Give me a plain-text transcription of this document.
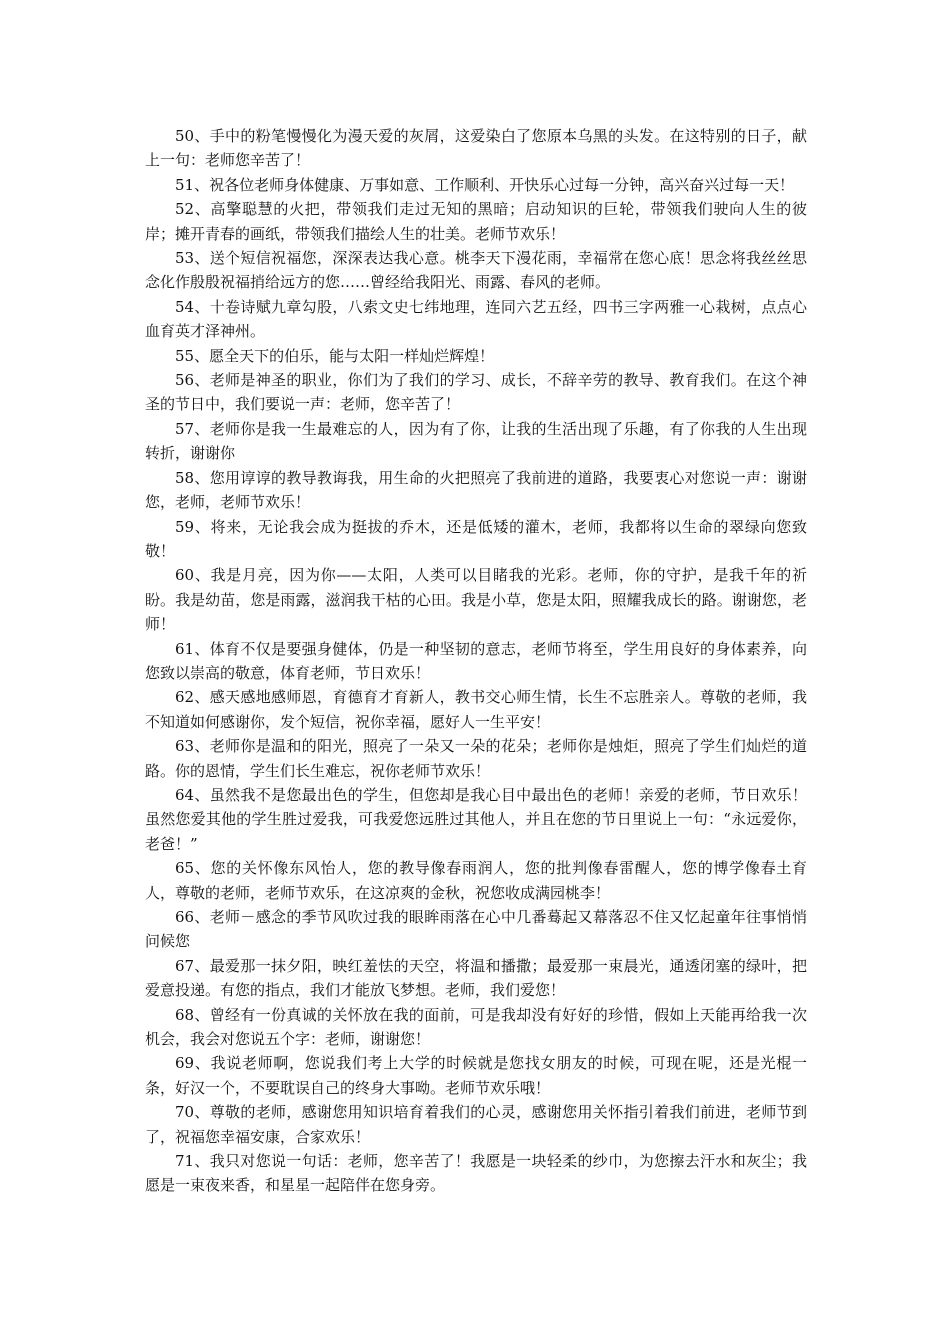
50、手中的粉笔慢慢化为漫天爱的灰屑，这爱染白了您原本乌黑的头发。在这特别的日子，献上一句：老师您辛苦了！

51、祝各位老师身体健康、万事如意、工作顺利、开快乐心过每一分钟，高兴奋兴过每一天！

52、高擎聪慧的火把，带领我们走过无知的黑暗；启动知识的巨轮，带领我们驶向人生的彼岸；摊开青春的画纸，带领我们描绘人生的壮美。老师节欢乐！

53、送个短信祝福您，深深表达我心意。桃李天下漫花雨，幸福常在您心底！思念将我丝丝思念化作殷殷祝福捎给远方的您……曾经给我阳光、雨露、春风的老师。

54、十卷诗赋九章勾股，八索文史七纬地理，连同六艺五经，四书三字两雅一心栽树，点点心血育英才泽神州。

55、愿全天下的伯乐，能与太阳一样灿烂辉煌！

56、老师是神圣的职业，你们为了我们的学习、成长，不辞辛劳的教导、教育我们。在这个神圣的节日中，我们要说一声：老师，您辛苦了！

57、老师你是我一生最难忘的人，因为有了你，让我的生活出现了乐趣，有了你我的人生出现转折，谢谢你

58、您用谆谆的教导教诲我，用生命的火把照亮了我前进的道路，我要衷心对您说一声：谢谢您，老师，老师节欢乐！

59、将来，无论我会成为挺拔的乔木，还是低矮的灌木，老师，我都将以生命的翠绿向您致敬！

60、我是月亮，因为你——太阳，人类可以目睹我的光彩。老师，你的守护，是我千年的祈盼。我是幼苗，您是雨露，滋润我干枯的心田。我是小草，您是太阳，照耀我成长的路。谢谢您，老师！

61、体育不仅是要强身健体，仍是一种坚韧的意志，老师节将至，学生用良好的身体素养，向您致以崇高的敬意，体育老师，节日欢乐！

62、感天感地感师恩，育德育才育新人，教书交心师生情，长生不忘胜亲人。尊敬的老师，我不知道如何感谢你，发个短信，祝你幸福，愿好人一生平安！

63、老师你是温和的阳光，照亮了一朵又一朵的花朵；老师你是烛炬，照亮了学生们灿烂的道路。你的恩情，学生们长生难忘，祝你老师节欢乐！

64、虽然我不是您最出色的学生，但您却是我心目中最出色的老师！亲爱的老师，节日欢乐！虽然您爱其他的学生胜过爱我，可我爱您远胜过其他人，并且在您的节日里说上一句：“永远爱你，老爸！”

65、您的关怀像东风怡人，您的教导像春雨润人，您的批判像春雷醒人，您的博学像春土育人，尊敬的老师，老师节欢乐，在这凉爽的金秋，祝您收成满园桃李！

66、老师－感念的季节风吹过我的眼眸雨落在心中几番蓦起又幕落忍不住又忆起童年往事悄悄问候您

67、最爱那一抹夕阳，映红羞怯的天空，将温和播撒；最爱那一束晨光，通透闭塞的绿叶，把爱意投递。有您的指点，我们才能放飞梦想。老师，我们爱您！

68、曾经有一份真诚的关怀放在我的面前，可是我却没有好好的珍惜，假如上天能再给我一次机会，我会对您说五个字：老师，谢谢您！

69、我说老师啊，您说我们考上大学的时候就是您找女朋友的时候，可现在呢，还是光棍一条，好汉一个，不要耽误自己的终身大事呦。老师节欢乐哦！

70、尊敬的老师，感谢您用知识培育着我们的心灵，感谢您用关怀指引着我们前进，老师节到了，祝福您幸福安康，合家欢乐！

71、我只对您说一句话：老师，您辛苦了！我愿是一块轻柔的纱巾，为您擦去汗水和灰尘；我愿是一束夜来香，和星星一起陪伴在您身旁。
